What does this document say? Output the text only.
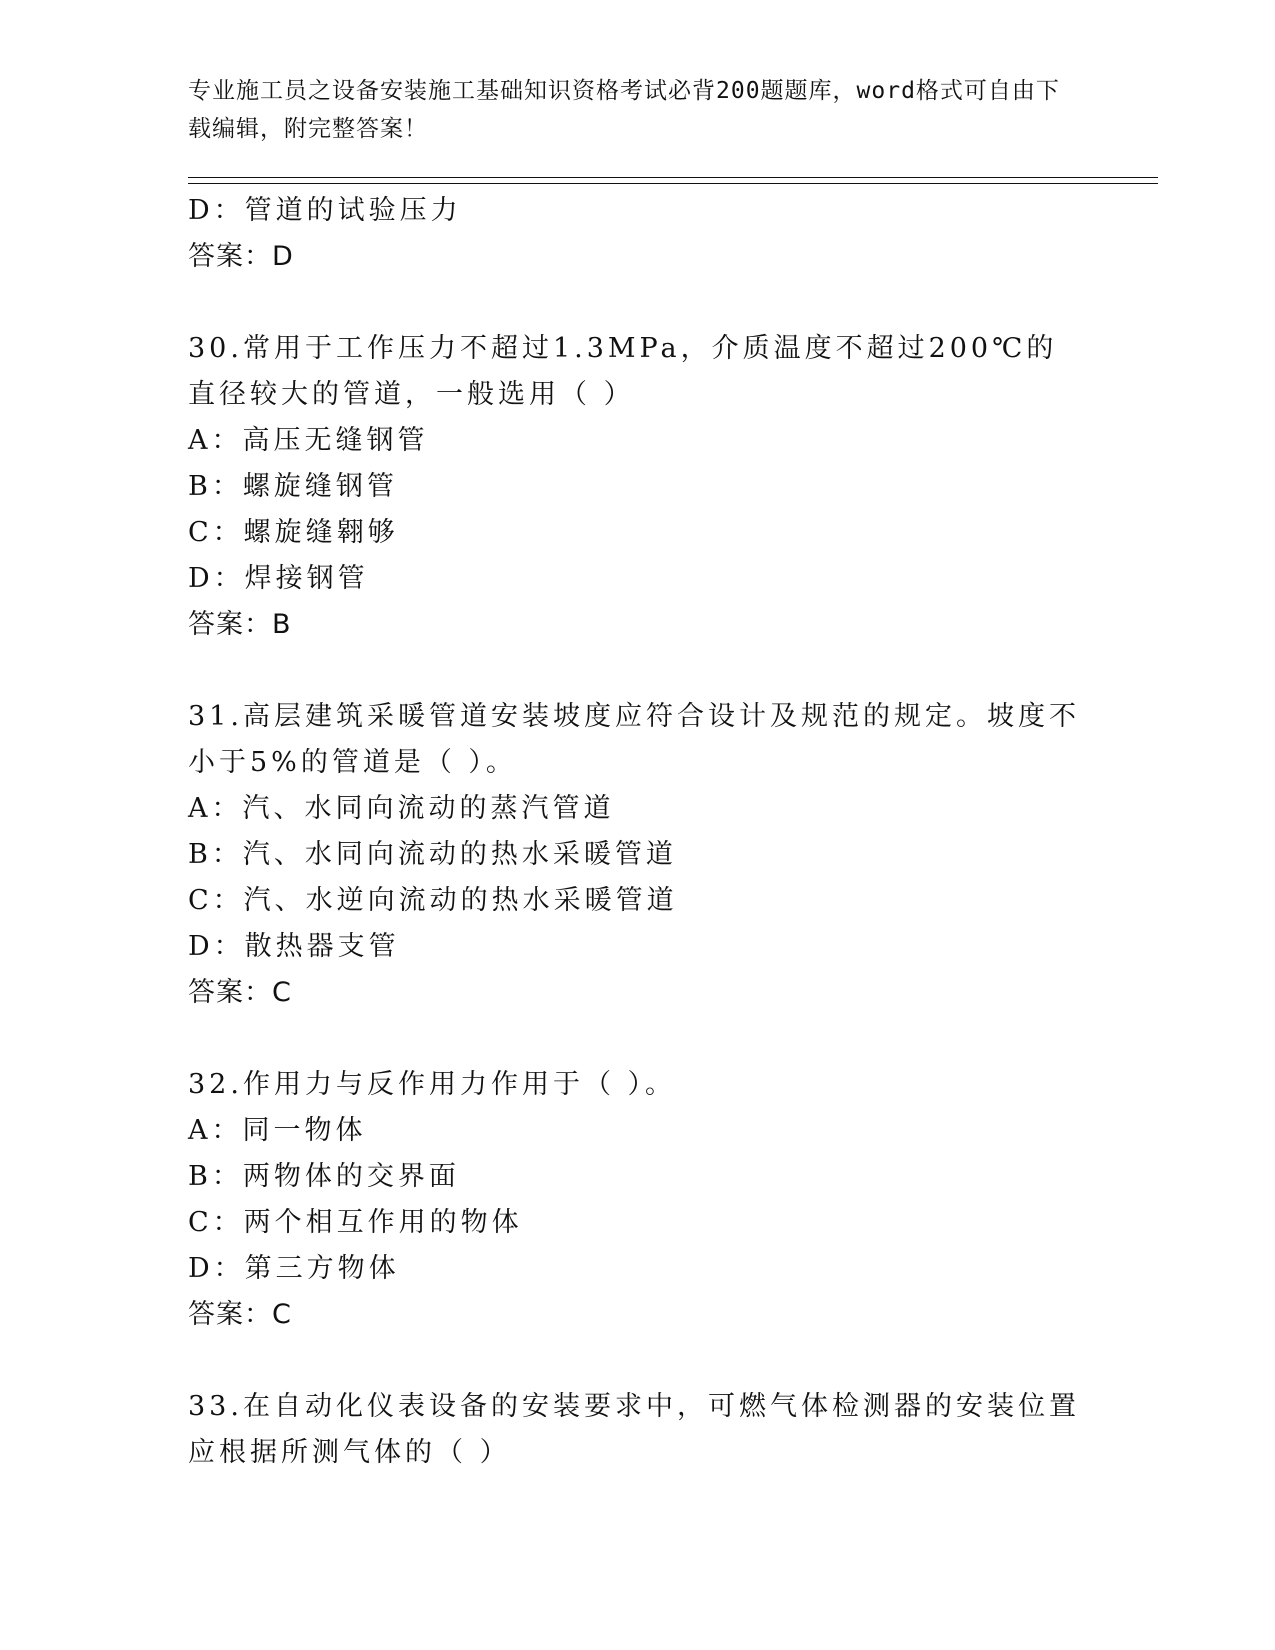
专业施工员之设备安装施工基础知识资格考试必背200题题库，word格式可自由下载编辑，附完整答案！
D：管道的试验压力
答案：D
30.常用于工作压力不超过1.3MPa，介质温度不超过200℃的直径较大的管道，一般选用（ ）
A：高压无缝钢管
B：螺旋缝钢管
C：螺旋缝翱够
D：焊接钢管
答案：B
31.高层建筑采暖管道安装坡度应符合设计及规范的规定。坡度不小于5%的管道是（ ）。
A：汽、水同向流动的蒸汽管道
B：汽、水同向流动的热水采暖管道
C：汽、水逆向流动的热水采暖管道
D：散热器支管
答案：C
32.作用力与反作用力作用于（ ）。
A：同一物体
B：两物体的交界面
C：两个相互作用的物体
D：第三方物体
答案：C
33.在自动化仪表设备的安装要求中，可燃气体检测器的安装位置应根据所测气体的（ ）
